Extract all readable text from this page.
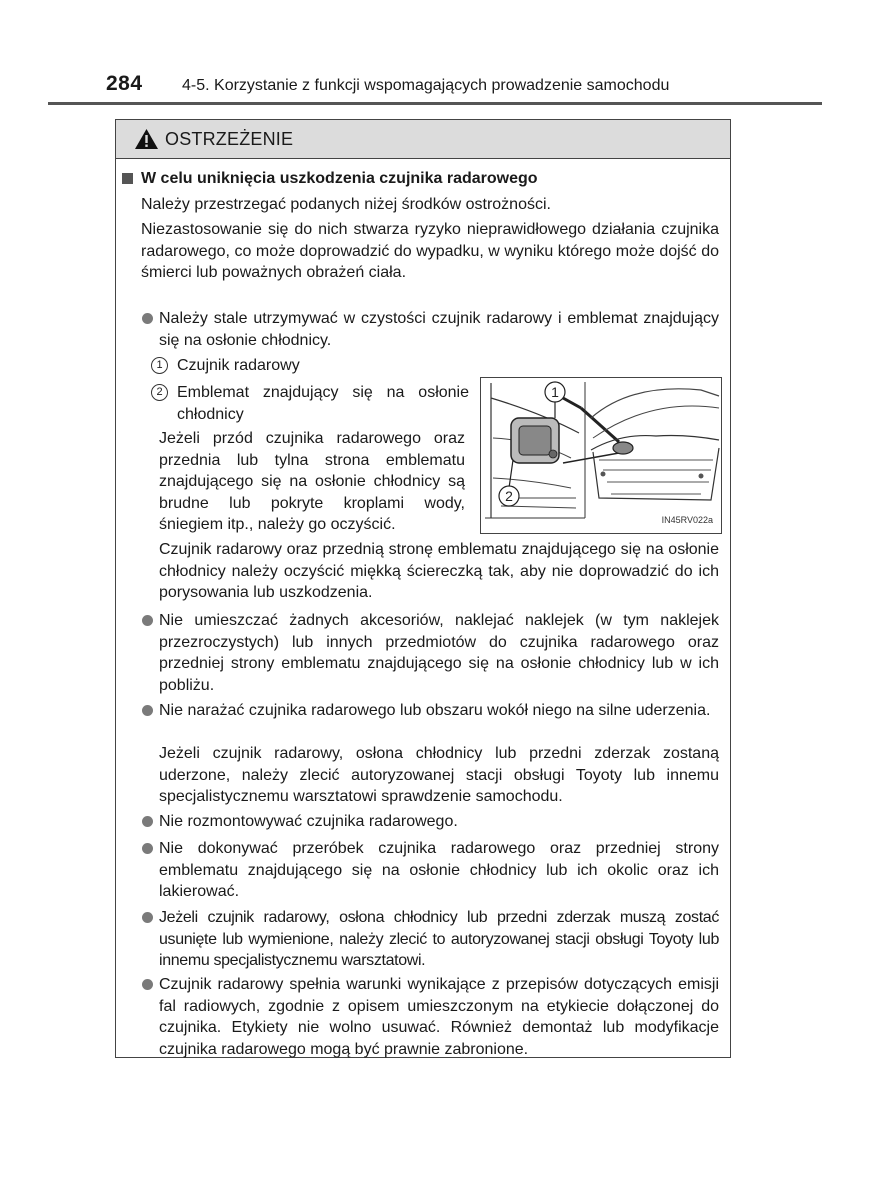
284 4-5. Korzystanie z funkcji wspomagających prowadzenie samochodu
OSTRZEŻENIE
W celu uniknięcia uszkodzenia czujnika radarowego
Należy przestrzegać podanych niżej środków ostrożności.
Niezastosowanie się do nich stwarza ryzyko nieprawidłowego działania czujnika radarowego, co może doprowadzić do wypadku, w wyniku którego może dojść do śmierci lub poważnych obrażeń ciała.
Należy stale utrzymywać w czystości czujnik radarowy i emblemat znajdujący się na osłonie chłodnicy.
1 Czujnik radarowy
2 Emblemat znajdujący się na osłonie chłodnicy
Jeżeli przód czujnika radarowego oraz przednia lub tylna strona emblematu znajdującego się na osłonie chłodnicy są brudne lub pokryte kroplami wody, śniegiem itp., należy go oczyścić.
1
2
IN45RV022a
Czujnik radarowy oraz przednią stronę emblematu znajdującego się na osłonie chłodnicy należy oczyścić miękką ściereczką tak, aby nie doprowadzić do ich porysowania lub uszkodzenia.
Nie umieszczać żadnych akcesoriów, naklejać naklejek (w tym naklejek przezroczystych) lub innych przedmiotów do czujnika radarowego oraz przedniej strony emblematu znajdującego się na osłonie chłodnicy lub w ich pobliżu.
Nie narażać czujnika radarowego lub obszaru wokół niego na silne uderzenia.
Jeżeli czujnik radarowy, osłona chłodnicy lub przedni zderzak zostaną uderzone, należy zlecić autoryzowanej stacji obsługi Toyoty lub innemu specjalistycznemu warsztatowi sprawdzenie samochodu.
Nie rozmontowywać czujnika radarowego.
Nie dokonywać przeróbek czujnika radarowego oraz przedniej strony emblematu znajdującego się na osłonie chłodnicy lub ich okolic oraz ich lakierować.
Jeżeli czujnik radarowy, osłona chłodnicy lub przedni zderzak muszą zostać usunięte lub wymienione, należy zlecić to autoryzowanej stacji obsługi Toyoty lub innemu specjalistycznemu warsztatowi.
Czujnik radarowy spełnia warunki wynikające z przepisów dotyczących emisji fal radiowych, zgodnie z opisem umieszczonym na etykiecie dołączonej do czujnika. Etykiety nie wolno usuwać. Również demontaż lub modyfikacje czujnika radarowego mogą być prawnie zabronione.
